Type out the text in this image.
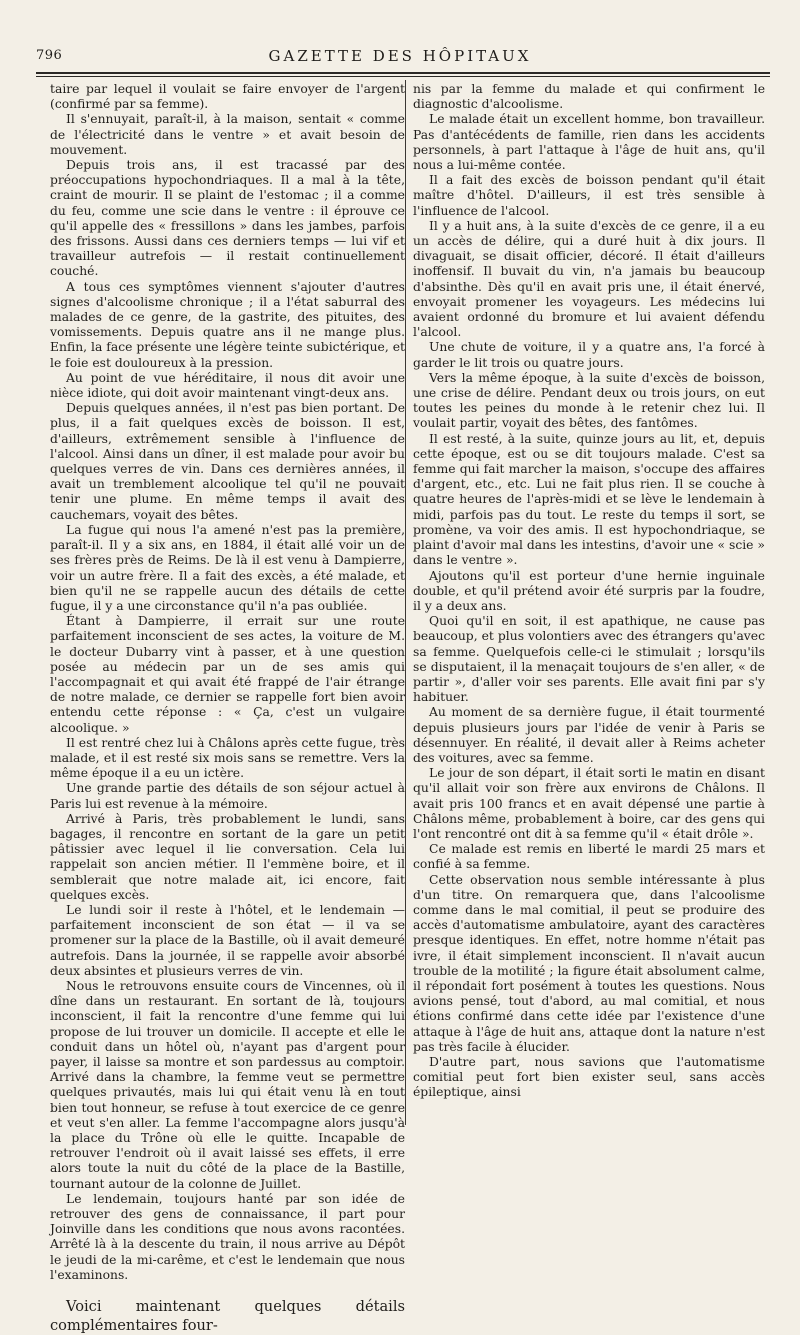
796	GAZETTE DES HÔPITAUX

taire par lequel il voulait se faire envoyer de l'argent (confirmé par sa femme).

Il s'ennuyait, paraît-il, à la maison, sentait « comme de l'électricité dans le ventre » et avait besoin de mouvement.

Depuis trois ans, il est tracassé par des préoccupations hypochondriaques. Il a mal à la tête, craint de mourir. Il se plaint de l'estomac ; il a comme du feu, comme une scie dans le ventre : il éprouve ce qu'il appelle des « fressillons » dans les jambes, parfois des frissons. Aussi dans ces derniers temps — lui vif et travailleur autrefois — il restait continuellement couché.

A tous ces symptômes viennent s'ajouter d'autres signes d'alcoolisme chronique ; il a l'état saburral des malades de ce genre, de la gastrite, des pituites, des vomissements. Depuis quatre ans il ne mange plus. Enfin, la face présente une légère teinte subictérique, et le foie est douloureux à la pression.

Au point de vue héréditaire, il nous dit avoir une nièce idiote, qui doit avoir maintenant vingt-deux ans.

Depuis quelques années, il n'est pas bien portant. De plus, il a fait quelques excès de boisson. Il est, d'ailleurs, extrêmement sensible à l'influence de l'alcool. Ainsi dans un dîner, il est malade pour avoir bu quelques verres de vin. Dans ces dernières années, il avait un tremblement alcoolique tel qu'il ne pouvait tenir une plume. En même temps il avait des cauchemars, voyait des bêtes.

La fugue qui nous l'a amené n'est pas la première, paraît-il. Il y a six ans, en 1884, il était allé voir un de ses frères près de Reims. De là il est venu à Dampierre, voir un autre frère. Il a fait des excès, a été malade, et bien qu'il ne se rappelle aucun des détails de cette fugue, il y a une circonstance qu'il n'a pas oubliée.

Étant à Dampierre, il errait sur une route parfaitement inconscient de ses actes, la voiture de M. le docteur Dubarry vint à passer, et à une question posée au médecin par un de ses amis qui l'accompagnait et qui avait été frappé de l'air étrange de notre malade, ce dernier se rappelle fort bien avoir entendu cette réponse : « Ça, c'est un vulgaire alcoolique. »

Il est rentré chez lui à Châlons après cette fugue, très malade, et il est resté six mois sans se remettre. Vers la même époque il a eu un ictère.

Une grande partie des détails de son séjour actuel à Paris lui est revenue à la mémoire.

Arrivé à Paris, très probablement le lundi, sans bagages, il rencontre en sortant de la gare un petit pâtissier avec lequel il lie conversation. Cela lui rappelait son ancien métier. Il l'emmène boire, et il semblerait que notre malade ait, ici encore, fait quelques excès.

Le lundi soir il reste à l'hôtel, et le lendemain — parfaitement inconscient de son état — il va se promener sur la place de la Bastille, où il avait demeuré autrefois. Dans la journée, il se rappelle avoir absorbé deux absintes et plusieurs verres de vin.

Nous le retrouvons ensuite cours de Vincennes, où il dîne dans un restaurant. En sortant de là, toujours inconscient, il fait la rencontre d'une femme qui lui propose de lui trouver un domicile. Il accepte et elle le conduit dans un hôtel où, n'ayant pas d'argent pour payer, il laisse sa montre et son pardessus au comptoir. Arrivé dans la chambre, la femme veut se permettre quelques privautés, mais lui qui était venu là en tout bien tout honneur, se refuse à tout exercice de ce genre et veut s'en aller. La femme l'accompagne alors jusqu'à la place du Trône où elle le quitte. Incapable de retrouver l'endroit où il avait laissé ses effets, il erre alors toute la nuit du côté de la place de la Bastille, tournant autour de la colonne de Juillet.

Le lendemain, toujours hanté par son idée de retrouver des gens de connaissance, il part pour Joinville dans les conditions que nous avons racontées. Arrêté là à la descente du train, il nous arrive au Dépôt le jeudi de la mi-carême, et c'est le lendemain que nous l'examinons.

Voici maintenant quelques détails complémentaires four-

nis par la femme du malade et qui confirment le diagnostic d'alcoolisme.

Le malade était un excellent homme, bon travailleur. Pas d'antécédents de famille, rien dans les accidents personnels, à part l'attaque à l'âge de huit ans, qu'il nous a lui-même contée.

Il a fait des excès de boisson pendant qu'il était maître d'hôtel. D'ailleurs, il est très sensible à l'influence de l'alcool.

Il y a huit ans, à la suite d'excès de ce genre, il a eu un accès de délire, qui a duré huit à dix jours. Il divaguait, se disait officier, décoré. Il était d'ailleurs inoffensif. Il buvait du vin, n'a jamais bu beaucoup d'absinthe. Dès qu'il en avait pris une, il était énervé, envoyait promener les voyageurs. Les médecins lui avaient ordonné du bromure et lui avaient défendu l'alcool.

Une chute de voiture, il y a quatre ans, l'a forcé à garder le lit trois ou quatre jours.

Vers la même époque, à la suite d'excès de boisson, une crise de délire. Pendant deux ou trois jours, on eut toutes les peines du monde à le retenir chez lui. Il voulait partir, voyait des bêtes, des fantômes.

Il est resté, à la suite, quinze jours au lit, et, depuis cette époque, est ou se dit toujours malade. C'est sa femme qui fait marcher la maison, s'occupe des affaires d'argent, etc., etc. Lui ne fait plus rien. Il se couche à quatre heures de l'après-midi et se lève le lendemain à midi, parfois pas du tout. Le reste du temps il sort, se promène, va voir des amis. Il est hypochondriaque, se plaint d'avoir mal dans les intestins, d'avoir une « scie » dans le ventre ».

Ajoutons qu'il est porteur d'une hernie inguinale double, et qu'il prétend avoir été surpris par la foudre, il y a deux ans.

Quoi qu'il en soit, il est apathique, ne cause pas beaucoup, et plus volontiers avec des étrangers qu'avec sa femme. Quelquefois celle-ci le stimulait ; lorsqu'ils se disputaient, il la menaçait toujours de s'en aller, « de partir », d'aller voir ses parents. Elle avait fini par s'y habituer.

Au moment de sa dernière fugue, il était tourmenté depuis plusieurs jours par l'idée de venir à Paris se désennuyer. En réalité, il devait aller à Reims acheter des voitures, avec sa femme.

Le jour de son départ, il était sorti le matin en disant qu'il allait voir son frère aux environs de Châlons. Il avait pris 100 francs et en avait dépensé une partie à Châlons même, probablement à boire, car des gens qui l'ont rencontré ont dit à sa femme qu'il « était drôle ».

Ce malade est remis en liberté le mardi 25 mars et confié à sa femme.

Cette observation nous semble intéressante à plus d'un titre. On remarquera que, dans l'alcoolisme comme dans le mal comitial, il peut se produire des accès d'automatisme ambulatoire, ayant des caractères presque identiques. En effet, notre homme n'était pas ivre, il était simplement inconscient. Il n'avait aucun trouble de la motilité ; la figure était absolument calme, il répondait fort posément à toutes les questions. Nous avions pensé, tout d'abord, au mal comitial, et nous étions confirmé dans cette idée par l'existence d'une attaque à l'âge de huit ans, attaque dont la nature n'est pas très facile à élucider.

D'autre part, nous savions que l'automatisme comitial peut fort bien exister seul, sans accès épileptique, ainsi
